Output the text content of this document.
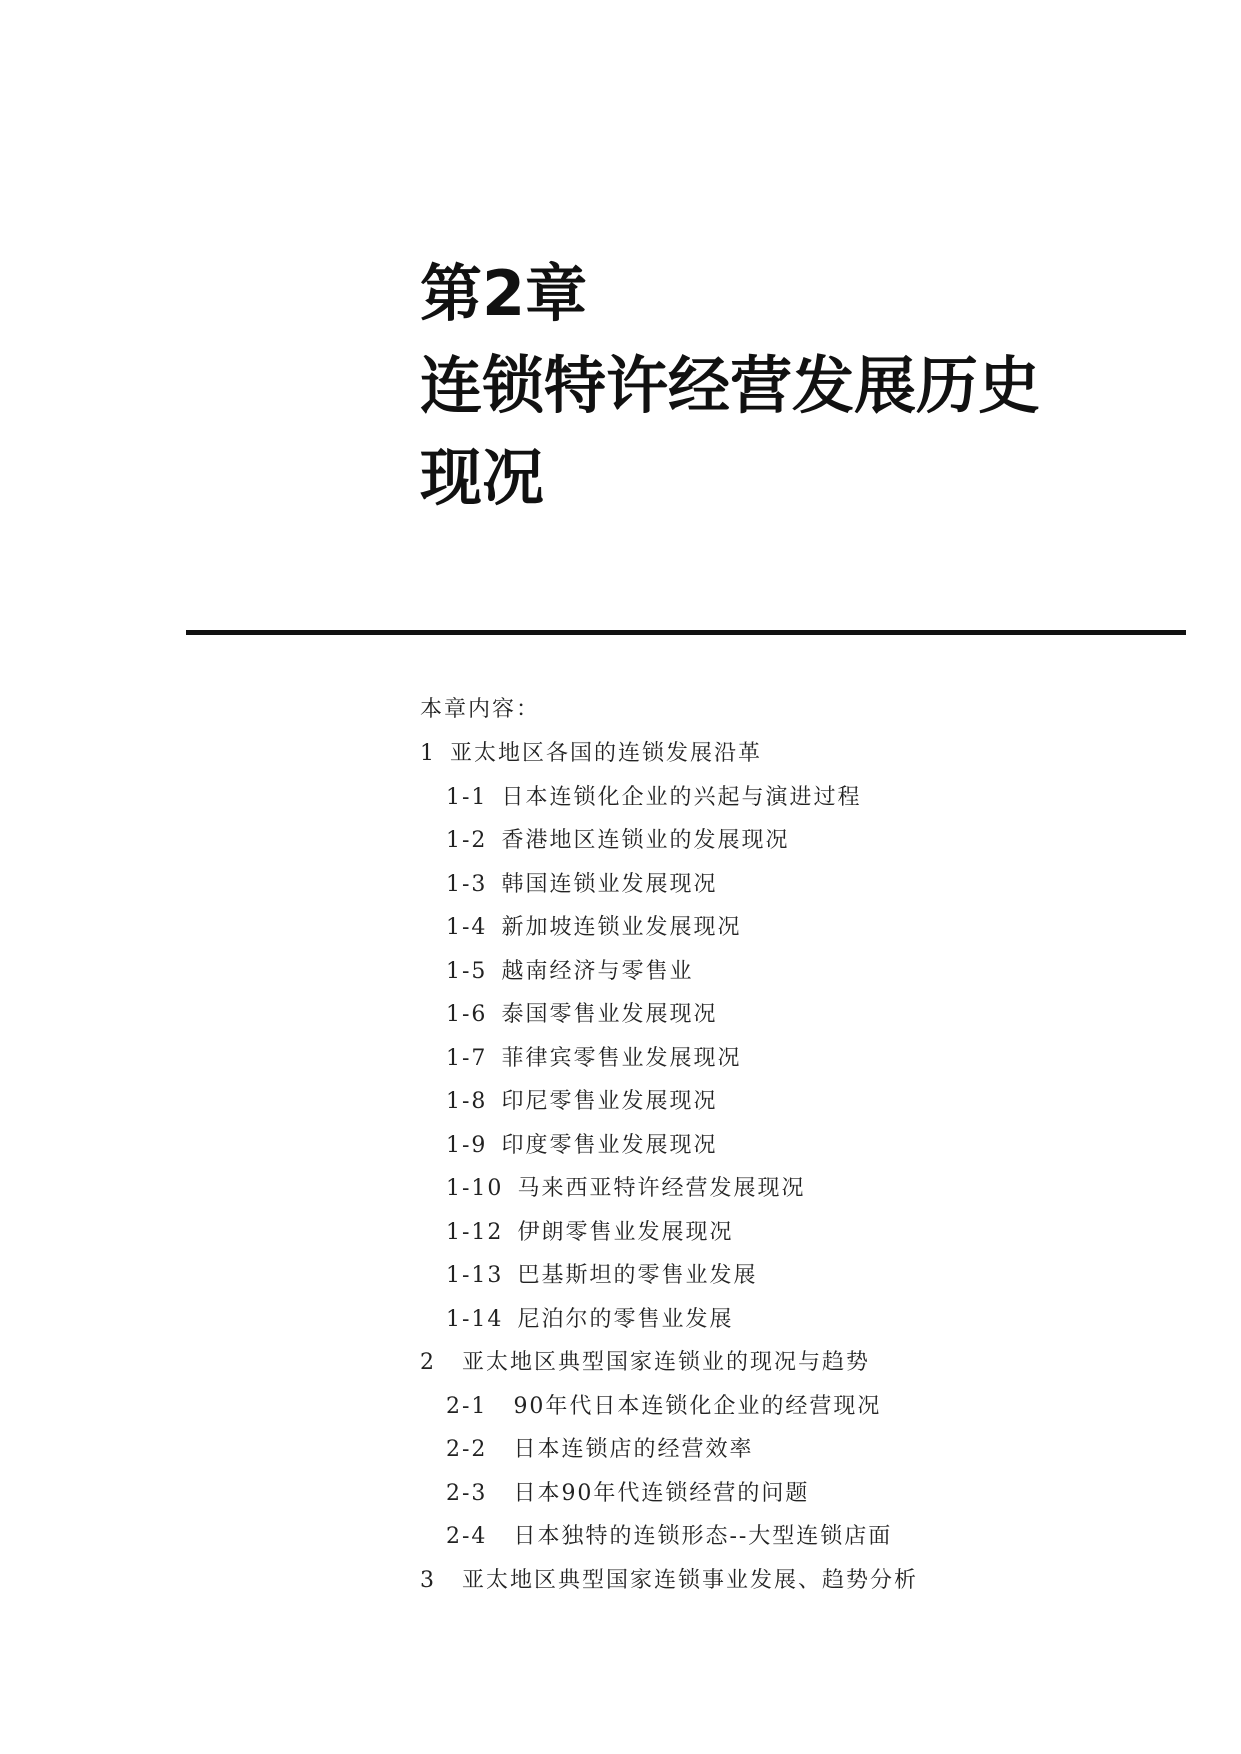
第2章
连锁特许经营发展历史
现况
本章内容：
1 亚太地区各国的连锁发展沿革
1-1 日本连锁化企业的兴起与演进过程
1-2 香港地区连锁业的发展现况
1-3 韩国连锁业发展现况
1-4 新加坡连锁业发展现况
1-5 越南经济与零售业
1-6 泰国零售业发展现况
1-7 菲律宾零售业发展现况
1-8 印尼零售业发展现况
1-9 印度零售业发展现况
1-10 马来西亚特许经营发展现况
1-12 伊朗零售业发展现况
1-13 巴基斯坦的零售业发展
1-14 尼泊尔的零售业发展
2 亚太地区典型国家连锁业的现况与趋势
2-1 90年代日本连锁化企业的经营现况
2-2 日本连锁店的经营效率
2-3 日本90年代连锁经营的问题
2-4 日本独特的连锁形态--大型连锁店面
3 亚太地区典型国家连锁事业发展、趋势分析
